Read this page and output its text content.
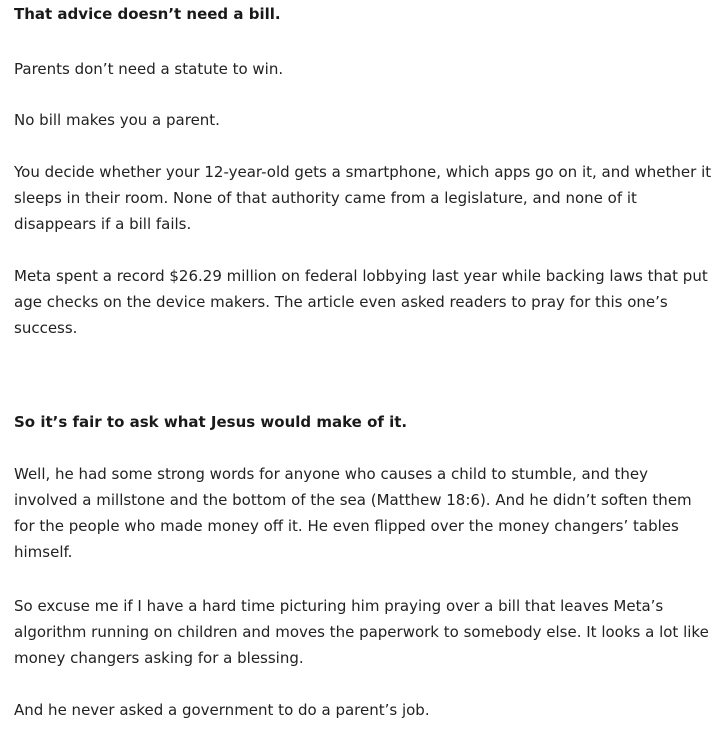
That advice doesn’t need a bill.

Parents don’t need a statute to win.

No bill makes you a parent.

You decide whether your 12-year-old gets a smartphone, which apps go on it, and whether it sleeps in their room. None of that authority came from a legislature, and none of it disappears if a bill fails.

Meta spent a record $26.29 million on federal lobbying last year while backing laws that put age checks on the device makers. The article even asked readers to pray for this one’s success.

So it’s fair to ask what Jesus would make of it.

Well, he had some strong words for anyone who causes a child to stumble, and they involved a millstone and the bottom of the sea (Matthew 18:6). And he didn’t soften them for the people who made money off it. He even flipped over the money changers’ tables himself.

So excuse me if I have a hard time picturing him praying over a bill that leaves Meta’s algorithm running on children and moves the paperwork to somebody else. It looks a lot like money changers asking for a blessing.

And he never asked a government to do a parent’s job.
